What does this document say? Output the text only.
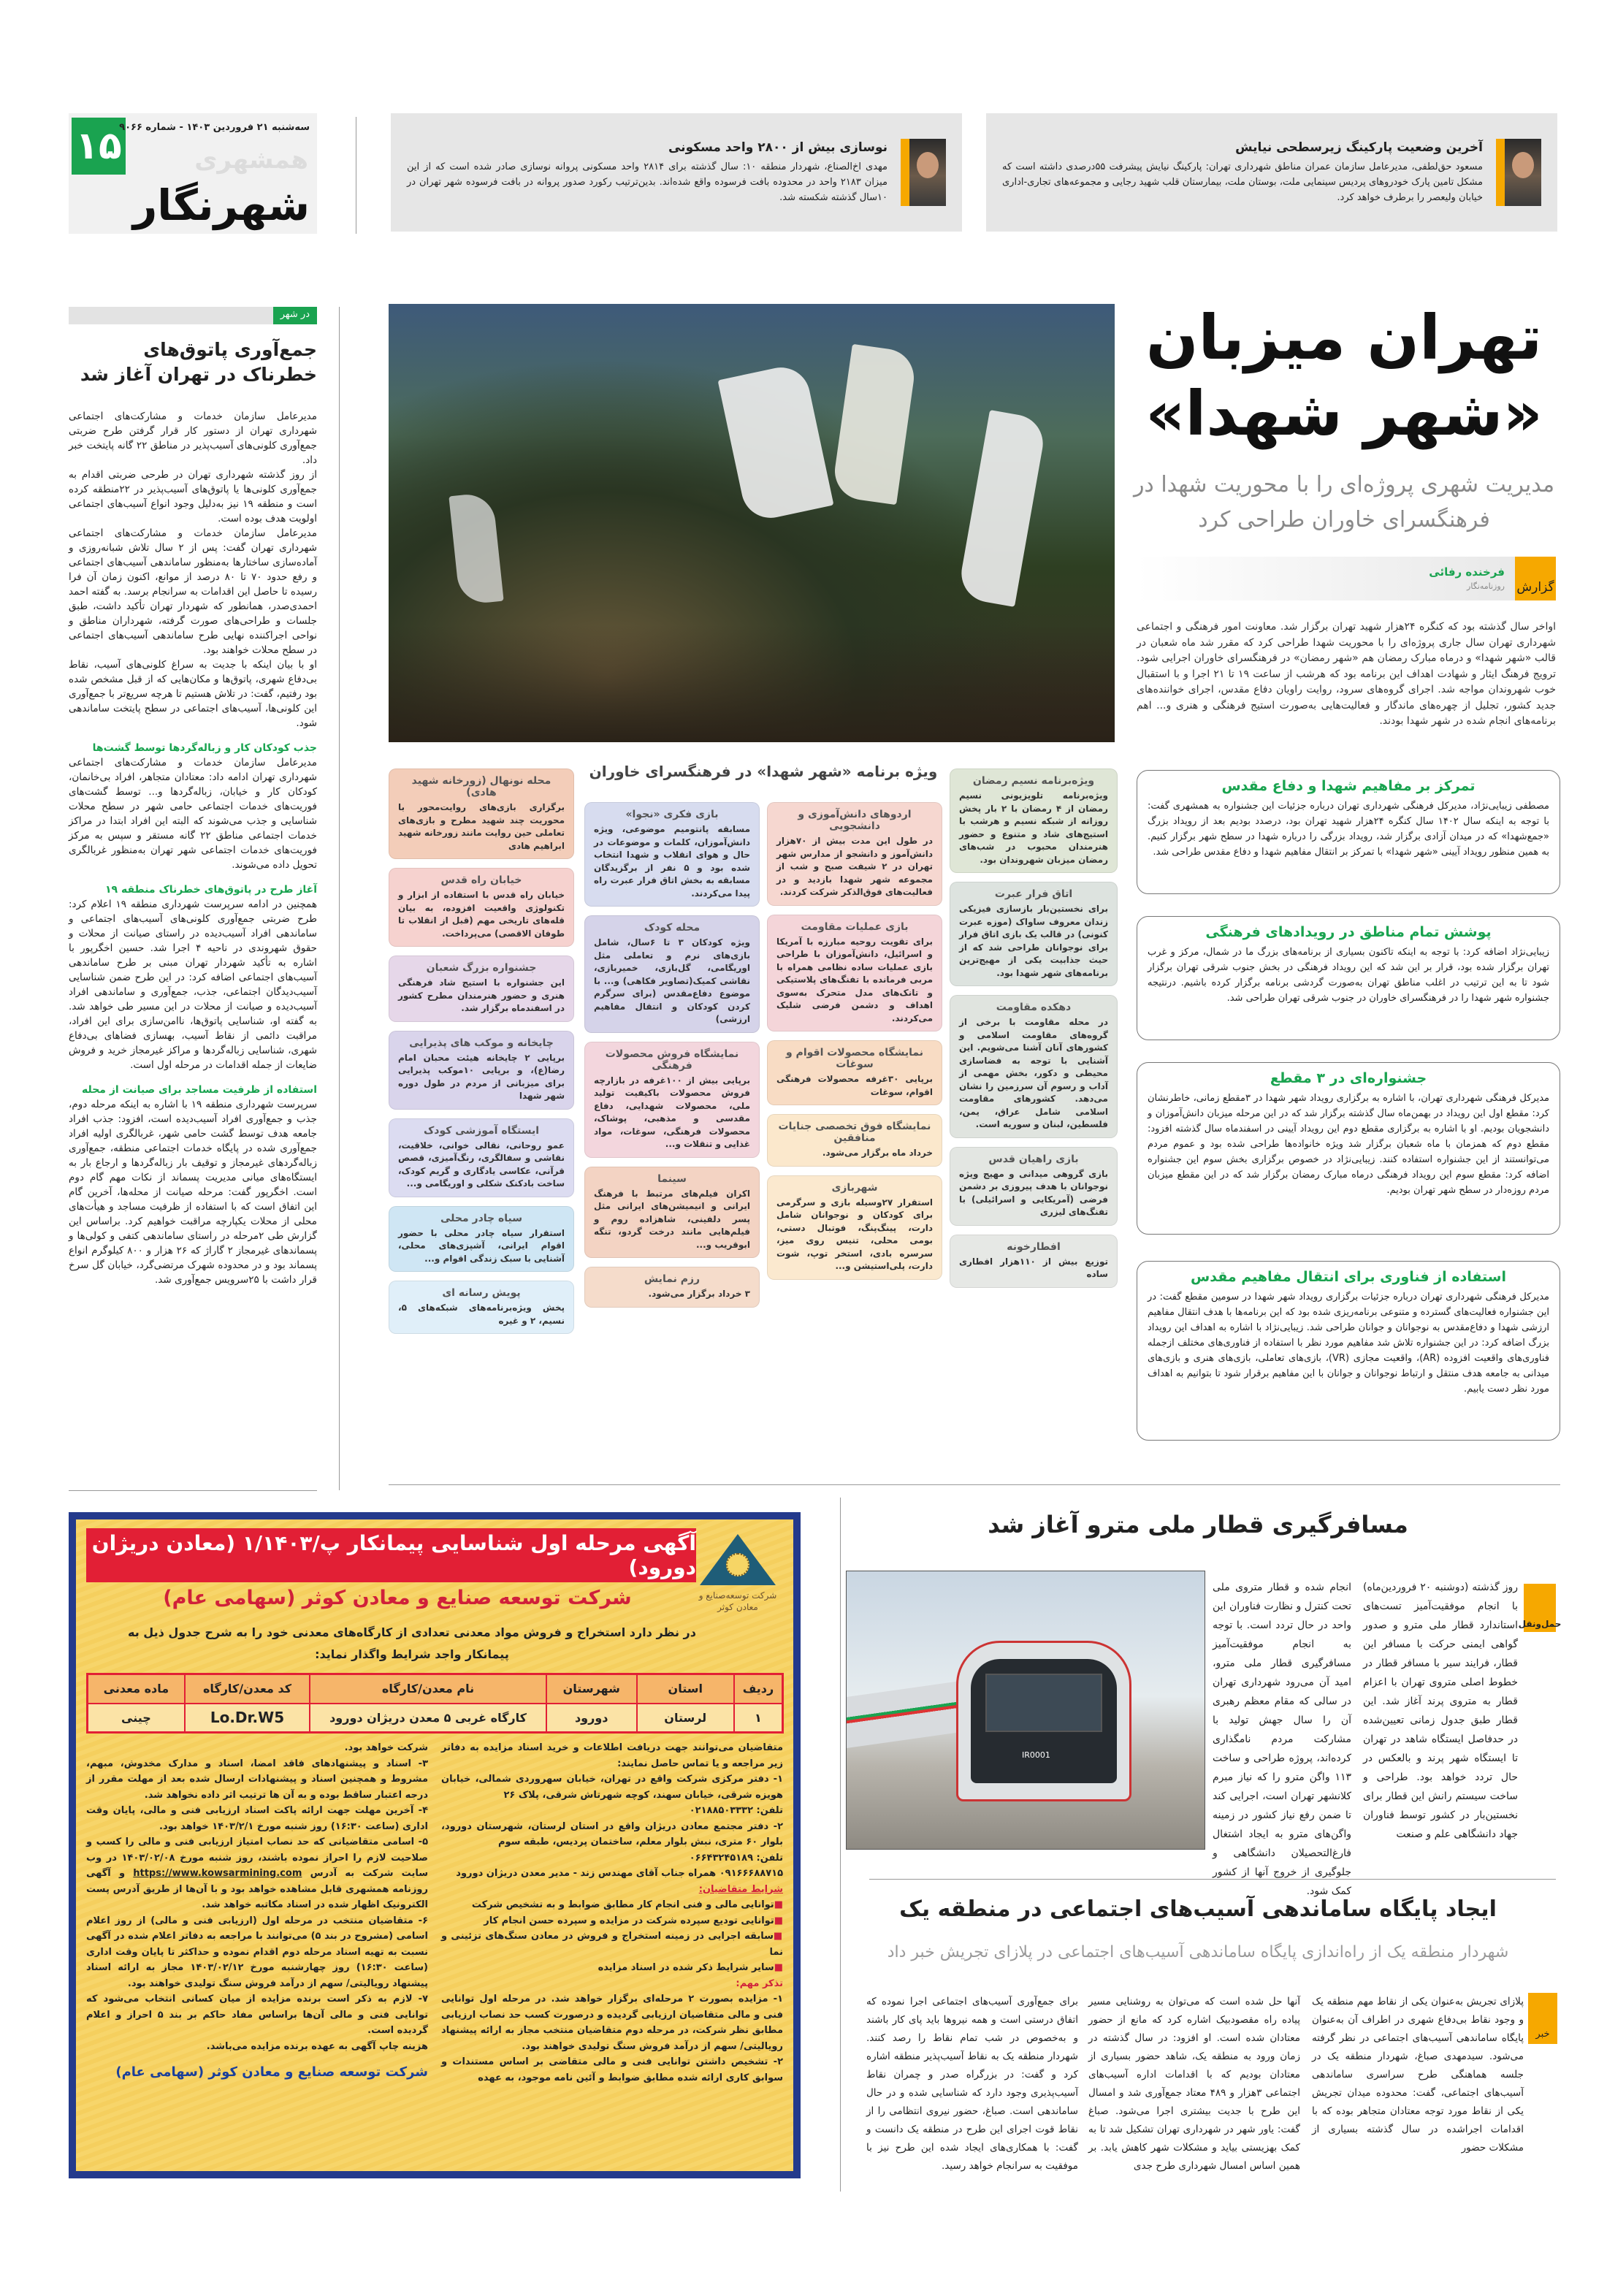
۱۵
سه‌شنبه ۲۱ فروردین ۱۴۰۳ - شماره ۹۰۶۶
همشهری
شهرنگار
آخرین وضعیت پارکینگ زیرسطحی نیایش

مسعود حق‌لطفی، مدیرعامل سازمان عمران مناطق شهرداری تهران: پارکینگ نیایش پیشرفت ۵۵درصدی داشته است که مشکل تامین پارک خودروهای پردیس سینمایی ملت، بوستان ملت، بیمارستان قلب شهید رجایی و مجموعه‌های تجاری-اداری خیابان ولیعصر را برطرف خواهد کرد.

نوسازی بیش از ۲۸۰۰ واحد مسکونی

مهدی اخ‌الصناع، شهردار منطقه ۱۰: سال گذشته برای ۲۸۱۴ واحد مسکونی پروانه نوسازی صادر شده است که از این میزان ۲۱۸۳ واحد در محدوده بافت فرسوده واقع شده‌اند. بدین‌ترتیب رکورد صدور پروانه در بافت فرسوده شهر تهران در ۱۰سال گذشته شکسته شد.

در شهر
جمع‌آوری پاتوق‌های خطرناک در تهران آغاز شد

مدیرعامل سازمان خدمات و مشارکت‌های اجتماعی شهرداری تهران از دستور کار قرار گرفتن طرح ضربتی جمع‌آوری کلونی‌های آسیب‌پذیر در مناطق ۲۲ گانه پایتخت خبر داد.

از روز گذشته شهرداری تهران در طرحی ضربتی اقدام به جمع‌آوری کلونی‌ها یا پاتوق‌های آسیب‌پذیر در ۲۲منطقه کرده است و منطقه ۱۹ نیز به‌دلیل وجود انواع آسیب‌های اجتماعی اولویت هدف بوده است.

مدیرعامل سازمان خدمات و مشارکت‌های اجتماعی شهرداری تهران گفت: پس از ۲ سال تلاش شبانه‌روزی و آماده‌سازی ساختارها به‌منظور ساماندهی آسیب‌های اجتماعی و رفع حدود ۷۰ تا ۸۰ درصد از موانع، اکنون زمان آن فرا رسیده تا حاصل این اقدامات به سرانجام برسد. به گفته احمد احمدی‌صدر، همانطور که شهردار تهران تأکید داشت، طبق جلسات و طراحی‌های صورت گرفته، شهرداران مناطق و نواحی اجراکننده نهایی طرح ساماندهی آسیب‌های اجتماعی در سطح محلات خواهند بود.

او با بیان اینکه با جدیت به سراغ کلونی‌های آسیب، نقاط بی‌دفاع شهری، پاتوق‌ها و مکان‌هایی که از قبل مشخص شده بود رفتیم، گفت: در تلاش هستیم تا هرچه سریع‌تر با جمع‌آوری این کلونی‌ها، آسیب‌های اجتماعی در سطح پایتخت ساماندهی شود.

جذب کودکان کار و زباله‌گردها توسط گشت‌ها

مدیرعامل سازمان خدمات و مشارکت‌های اجتماعی شهرداری تهران ادامه داد: معتادان متجاهر، افراد بی‌خانمان، کودکان کار و خیابان، زباله‌گردها و... توسط گشت‌های فوریت‌های خدمات اجتماعی حامی شهر در سطح محلات شناسایی و جذب می‌شوند که البته این افراد ابتدا در مراکز خدمات اجتماعی مناطق ۲۲ گانه مستقر و سپس به مرکز فوریت‌های خدمات اجتماعی شهر تهران به‌منظور غربالگری تحویل داده می‌شوند.

آغاز طرح در پاتوق‌های خطرناک منطقه ۱۹

همچنین در ادامه سرپرست شهرداری منطقه ۱۹ اعلام کرد: طرح ضربتی جمع‌آوری کلونی‌های آسیب‌های اجتماعی و ساماندهی افراد آسیب‌دیده در راستای صیانت از محلات و حقوق شهروندی در ناحیه ۴ اجرا شد. حسین اخگرپور با اشاره به تأکید شهردار تهران مبنی بر طرح ساماندهی آسیب‌های اجتماعی اضافه کرد: در این طرح ضمن شناسایی آسیب‌دیدگان اجتماعی، جذب، جمع‌آوری و ساماندهی افراد آسیب‌دیده و صیانت از محلات در این مسیر طی خواهد شد. به گفته او، شناسایی پاتوق‌ها، ناامن‌سازی برای این افراد، مراقبت دائمی از نقاط آسیب، بهسازی فضاهای بی‌دفاع شهری، شناسایی زباله‌گردها و مراکز غیرمجاز خرید و فروش ضایعات از جمله اقدامات در مرحله اول است.

استفاده از ظرفیت مساجد برای صیانت از محله

سرپرست شهرداری منطقه ۱۹ با اشاره به اینکه مرحله دوم، جذب و جمع‌آوری افراد آسیب‌دیده است، افزود: جذب افراد جامعه هدف توسط گشت حامی شهر، غربالگری اولیه افراد جمع‌آوری شده در پایگاه خدمات اجتماعی منطقه، جمع‌آوری زباله‌گردهای غیرمجاز و توقیف بار زباله‌گردها و ارجاع بار به ایستگاه‌های میانی مدیریت پسماند از نکات مهم گام دوم است. اخگرپور گفت: مرحله صیانت از محله‌ها، آخرین گام این اتفاق است که با استفاده از ظرفیت مساجد و هیأت‌های محلی از محلات یکپارچه مراقبت خواهیم کرد. براساس این گزارش طی ۲مرحله در راستای ساماندهی کتفی و کولی‌ها و پسماندهای غیرمجاز ۲ گاراژ که ۲۶ هزار و ۸۰۰ کیلوگرم انواع پسماند بود و در محدوده شهرک مرتضی‌گرد، خیابان گل سرخ قرار داشت با ۲۵سرویس جمع‌آوری شد.

تهران میزبان
«شهر شهدا»
مدیریت شهری پروژه‌ای را با محوریت شهدا در فرهنگسرای خاوران طراحی کرد
گزارش
فرخنده رفائی
روزنامه‌نگار
اواخر سال گذشته بود که کنگره ۲۴هزار شهید تهران برگزار شد. معاونت امور فرهنگی و اجتماعی شهرداری تهران سال جاری پروژه‌ای را با محوریت شهدا طراحی کرد که مقرر شد ماه شعبان در قالب «شهر شهدا» و درماه مبارک رمضان هم «شهر رمضان» در فرهنگسرای خاوران اجرایی شود. ترویج فرهنگ ایثار و شهادت اهداف این برنامه بود که هرشب از ساعت ۱۹ تا ۲۱ اجرا و با استقبال خوب شهروندان مواجه شد. اجرای گروه‌های سرود، روایت راویان دفاع مقدس، اجرای خواننده‌های جدید کشور، تجلیل از چهره‌های ماندگار و فعالیت‌هایی به‌صورت استیج فرهنگی و هنری و... اهم برنامه‌های انجام شده در شهر شهدا بودند.
تمرکز بر مفاهیم شهدا و دفاع مقدس

مصطفی زیبایی‌نژاد، مدیرکل فرهنگی شهرداری تهران درباره جزئیات این جشنواره به همشهری گفت: با توجه به اینکه سال ۱۴۰۲ سال کنگره ۲۴هزار شهید تهران بود، درصدد بودیم بعد از رویداد بزرگ «جمع‌شهدا» که در میدان آزادی برگزار شد، رویداد بزرگی را درباره شهدا در سطح شهر برگزار کنیم. به همین منظور رویداد آیینی «شهر شهدا» با تمرکز بر انتقال مفاهیم شهدا و دفاع مقدس طراحی شد.

پوشش تمام مناطق در رویدادهای فرهنگی

زیبایی‌نژاد اضافه کرد: با توجه به اینکه تاکنون بسیاری از برنامه‌های بزرگ ما در شمال، مرکز و غرب تهران برگزار شده بود، قرار بر این شد که این رویداد فرهنگی در بخش جنوب شرقی تهران برگزار شود تا به این ترتیب در اغلب مناطق تهران به‌صورت گردشی برنامه برگزار کرده باشیم. درنتیجه جشنواره شهر شهدا را در فرهنگسرای خاوران در جنوب شرقی تهران طراحی شد.

جشنواره‌ای در ۳ مقطع

مدیرکل فرهنگی شهرداری تهران، با اشاره به برگزاری رویداد شهر شهدا در ۳مقطع زمانی، خاطرنشان کرد: مقطع اول این رویداد در بهمن‌ماه سال گذشته برگزار شد که در این مرحله میزبان دانش‌آموزان و دانشجویان بودیم. او با اشاره به برگزاری مقطع دوم این رویداد آیینی در اسفندماه سال گذشته افزود: مقطع دوم که همزمان با ماه شعبان برگزار شد ویژه خانواده‌ها طراحی شده بود و عموم مردم می‌توانستند از این جشنواره استفاده کنند. زیبایی‌نژاد در خصوص برگزاری بخش سوم این جشنواره اضافه کرد: مقطع سوم این رویداد فرهنگی درماه مبارک رمضان برگزار شد که در این مقطع میزبان مردم روزه‌دار در سطح شهر تهران بودیم.

استفاده از فناوری برای انتقال مفاهیم مقدس

مدیرکل فرهنگی شهرداری تهران درباره جزئیات برگزاری رویداد شهر شهدا در سومین مقطع گفت: در این جشنواره فعالیت‌های گسترده و متنوعی برنامه‌ریزی شده بود که این برنامه‌ها با هدف انتقال مفاهیم ارزشی شهدا و دفاع‌مقدس به نوجوانان و جوانان طراحی شد. زیبایی‌نژاد با اشاره به اهداف این رویداد بزرگ اضافه کرد: در این جشنواره تلاش شد مفاهیم مورد نظر با استفاده از فناوری‌های مختلف ازجمله فناوری‌های واقعیت افزوده (AR)، واقعیت مجازی (VR)، بازی‌های تعاملی، بازی‌های هنری و بازی‌های میدانی به جامعه هدف منتقل و ارتباط نوجوانان و جوانان با این مفاهیم برقرار شود تا بتوانیم به اهداف مورد نظر دست یابیم.

ویژه برنامه «شهر شهدا» در فرهنگسرای خاوران
ویژه‌برنامه نسیم رمضان
ویژه‌برنامه تلویزیونی نسیم رمضان از ۴ رمضان با ۲ بار پخش روزانه از شبکه نسیم و هرشب با استیج‌های شاد و متنوع و حضور هنرمندان محبوب در شب‌های رمضان میزبان شهروندان بود.
اتاق فرار عبرت
برای نخستین‌بار بازسازی فیزیکی زندان معروف ساواک (موزه عبرت کنونی) در قالب یک بازی اتاق فرار برای نوجوانان طراحی شد که از حیث جذابیت یکی از مهیج‌ترین برنامه‌های شهر شهدا بود.
دهکده مقاومت
در محله مقاومت با برخی از گروه‌های مقاومت اسلامی و کشورهای آنان آشنا می‌شویم. این آشنایی با توجه به فضاسازی محیطی و دکور، بخش مهمی از آداب و رسوم آن سرزمین را نشان می‌دهد. کشورهای مقاومت اسلامی شامل عراق، یمن، فلسطین، لبنان و سوریه است.
بازی راهیان قدس
بازی گروهی میدانی و مهیج ویژه نوجوانان با هدف پیروزی بر دشمن فرضی (آمریکایی و اسرائیلی) با تفنگ‌های لیزری
افطارخونه
توزیع بیش از ۱۱۰هزار افطاری ساده
اردوهای دانش‌آموزی و دانشجویی
در طول این مدت بیش از ۷۰هزار دانش‌آموز و دانشجو از مدارس شهر تهران در ۲ شیفت صبح و شب از مجموعه شهر شهدا بازدید و در فعالیت‌های فوق‌الذکر شرکت کردند.
بازی عملیات مقاومت
برای تقویت روحیه مبارزه با آمریکا و اسرائیل، دانش‌آموزان با طراحی بازی عملیات ساده نظامی همراه با مربی فرمانده با تفنگ‌های پلاستیکی و تانک‌های مدل متحرک به‌سوی اهداف و دشمن فرضی شلیک می‌کردند.
نمایشگاه محصولات اقوام و سوغات
برپایی ۳۰غرفه محصولات فرهنگی اقوام، سوغات
نمایشگاه فوق تخصصی جنایات منافقین
خرداد ماه برگزار می‌شود.
شهربازی
استقرار ۲۷وسیله بازی و سرگرمی برای کودکان و نوجوانان شامل دارت، پینگ‌پنگ، فوتبال دستی، بومی محلی، تنیس روی میز، سرسره بادی، استخر توپ، شوت دارت، پلی‌استیشن و...
بازی فکری «نجوا»
مسابقه پانتومیم موضوعی، ویژه دانش‌آموزان، کلمات و موضوعات در حال و هوای انقلاب و شهدا انتخاب شده بود و ۵ نفر از برگزیدگان مسابقه به بخش اتاق فرار عبرت راه پیدا می‌کردند.
محله کودک
ویژه کودکان ۳ تا ۶سال، شامل بازی‌های نرم و تعاملی مثل اوریگامی، گل‌بازی، خمیربازی، نقاشی کمیک(تصاویر فکاهی) و... با موضوع دفاع‌مقدس (برای سرگرم کردن کودکان و انتقال مفاهیم ارزشی)
نمایشگاه فروش محصولات فرهنگی
برپایی بیش از ۱۰۰غرفه در بازارچه فروش محصولات باکیفیت تولید ملی، محصولات شهدایی، دفاع مقدسی و مذهبی، پوشاک، محصولات فرهنگی، سوغات، مواد غذایی و تنقلات و...
سینما
اکران فیلم‌های مرتبط با فرهنگ ایرانی و انیمیشن‌های ایرانی مثل پسر دلفینی، شاهزاده روم و فیلم‌هایی مانند درخت گردو، تنگه ابوقریب و...
رزم نمایش
۳ خرداد برگزار می‌شود.
محله نونهال (زورخانه شهید هادی)
برگزاری بازی‌های روایت‌محور با محوریت چند شهید مطرح و بازی‌های تعاملی حین روایت مانند زورخانه شهید ابراهیم هادی
خیابان راه قدس
خیابان راه قدس با استفاده از ابزار و تکنولوژی واقعیت افزوده، به بیان قله‌های تاریخی مهم (قبل از انقلاب تا طوفان الاقصی) می‌پرداخت.
جشنواره بزرگ شعبان
این جشنواره با استیج شاد فرهنگی هنری و حضور هنرمندان مطرح کشور در اسفندماه برگزار شد.
چایخانه و موکب های پذیرایی
برپایی ۲ چایخانه هیئت محبان امام رضا(ع)، و برپایی ۱۰موکب پذیرایی برای میزبانی از مردم در طول دوره شهر شهدا
ایستگاه آموزشی کودک
عمو روحانی، نقالی خوانی، خلاقیت، نقاشی و سفالگری، رنگ‌آمیزی، قصص قرآنی، عکاسی یادگاری و گریم کودک، ساخت بادکنک شکلی و اوریگامی و...
سیاه چادر محلی
استقرار سیاه چادر محلی با حضور اقوام ایرانی، آشپزی‌های محلی، آشنایی با سبک زندگی اقوام و...
پویش رسانه ای
پخش ویژه‌برنامه‌های شبکه‌های ۵، نسیم، ۲ و غیره
آگهی مرحله اول شناسایی پیمانکار پ/۱/۱۴۰۳ (معادن دریژان دورود)
شرکت توسعه‌صنایع و معادن کوثر
شرکت توسعه صنایع و معادن کوثر (سهامی عام)
در نظر دارد استخراج و فروش مواد معدنی تعدادی از کارگاه‌های معدنی خود را به شرح جدول ذیل به پیمانکار واجد شرایط واگذار نماید:
ردیف	استان	شهرستان	نام معدن/کارگاه	کد معدن/کارگاه	ماده معدنی
۱	لرستان	دورود	کارگاه غربی ۵ معدن دریژان دورود	Lo.Dr.W5	چینی

متقاضیان می‌توانند جهت دریافت اطلاعات و خرید اسناد مزایده به دفاتر زیر مراجعه و یا تماس حاصل نمایند:

۱- دفتر مرکزی شرکت واقع در تهران، خیابان سهروردی شمالی، خیابان هویزه شرقی، خیابان سهند، کوچه شهرتاش شرقی، پلاک ۲۶

تلفن: ۰۲۱۸۸۵۰۳۳۳۲

۲- دفتر مجتمع معادن دریژان واقع در استان لرستان، شهرستان دورود، بلوار ۶۰ متری، نبش بلوار معلم، ساختمان پردیس، طبقه سوم

تلفن: ۰۶۶۴۳۲۴۵۱۸۹

۰۹۱۶۶۶۸۸۷۱۵ همراه جناب آقای مهندس زند - مدیر معدن دریژان دورود

شرایط متقاضیان:

■توانایی مالی و فنی انجام کار مطابق ضوابط و به تشخیص شرکت

■توانایی تودیع سپرده شرکت در مزایده و سپرده حسن انجام کار

■سابقه اجرایی در زمینه استخراج و فروش در معادن سنگ‌های تزئینی و نما

■سایر شرایط ذکر شده در اسناد مزایده

تذکر مهم:

۱- مزایده بصورت ۲ مرحله‌ای برگزار خواهد شد. در مرحله اول توانایی فنی و مالی متقاضیان ارزیابی گردیده و درصورت کسب حد نصاب ارزیابی مطابق نظر شرکت، در مرحله دوم متقاضیان منتخب مجاز به ارائه پیشنهاد رویالیتی/ سهم از درآمد فروش سنگ تولیدی خواهند بود.

۲- تشخیص داشتن توانایی فنی و مالی متقاضی بر اساس مستندات و سوابق کاری ارائه شده مطابق ضوابط و آئین نامه موجود، به عهده

شرکت خواهد بود.

۳- اسناد و پیشنهادهای فاقد امضا، اسناد و مدارک مخدوش، مبهم، مشروط و همچنین اسناد و پیشنهادات ارسال شده بعد از مهلت مقرر از درجه اعتبار ساقط بوده و به آن ها ترتیب اثر داده نخواهد شد.

۴- آخرین مهلت جهت ارائه پاکت اسناد ارزیابی فنی و مالی، پایان وقت اداری (ساعت ۱۶:۳۰) روز شنبه مورخ ۱۴۰۳/۲/۱ خواهد بود.

۵- اسامی متقاضیانی که حد نصاب امتیاز ارزیابی فنی و مالی را کسب و صلاحیت لازم را احراز نموده باشند، روز شنبه مورخ ۱۴۰۳/۰۲/۰۸ در وب سایت شرکت به آدرس https://www.kowsarmining.com و آگهی روزنامه همشهری قابل مشاهده خواهد بود و با آن‌ها از طریق آدرس پست الکترونیک اظهار شده در اسناد مکاتبه خواهد شد.

۶- متقاضیان منتخب در مرحله اول (ارزیابی فنی و مالی) از روز اعلام اسامی (مشروح در بند ۵) می‌توانند با مراجعه به دفاتر اعلام شده در آگهی نسبت به تهیه اسناد مرحله دوم اقدام نموده و حداکثر تا پایان وقت اداری (ساعت ۱۶:۳۰) روز چهارشنبه مورخ ۱۴۰۳/۰۲/۱۲ مجاز به ارائه اسناد پیشنهاد رویالیتی/ سهم از درآمد فروش سنگ تولیدی خواهند بود.

۷- لازم به ذکر است برنده مزایده از میان کسانی انتخاب می‌شود که توانایی فنی و مالی آن‌ها براساس مفاد حاکم بر بند ۵ احراز و اعلام گردیده است.

هزینه چاپ آگهی به عهده برنده مزایده می‌باشد.

شرکت توسعه صنایع و معادن کوثر (سهامی عام)

مسافرگیری قطار ملی مترو آغاز شد
IR0001
حمل‌ونقل
روز گذشته (دوشنبه ۲۰ فروردین‌ماه) با انجام موفقیت‌آمیز تست‌های استاندارد قطار ملی مترو و صدور گواهی ایمنی حرکت با مسافر این قطار، فرایند سیر با مسافر قطار در خطوط اصلی متروی تهران با اعزام قطار به متروی پرند آغاز شد. این قطار طبق جدول زمانی تعیین‌شده در حدفاصل ایستگاه شاهد در تهران تا ایستگاه شهر پرند و بالعکس در حال تردد خواهد بود. طراحی و ساخت سیستم رانش این قطار برای نخستین‌بار در کشور توسط فناوران جهاد دانشگاهی علم و صنعت
انجام شده و قطار متروی ملی تحت کنترل و نظارت فناوران این واحد در حال تردد است. با توجه به انجام موفقیت‌آمیز مسافرگیری قطار ملی مترو، امید آن می‌رود شهرداری تهران در سالی که مقام معظم رهبری آن را سال جهش تولید با مشارکت مردم نامگذاری کرده‌اند، پروژه طراحی و ساخت ۱۱۳ واگن مترو را که نیاز مبرم کلانشهر تهران است، اجرایی کند تا ضمن رفع نیاز کشور در زمینه واگن‌های مترو به ایجاد اشتغال فارغ‌التحصیلان دانشگاهی و جلوگیری از خروج آنها از کشور کمک شود.
ایجاد پایگاه ساماندهی آسیب‌های اجتماعی در منطقه یک
شهردار منطقه یک از راه‌اندازی پایگاه ساماندهی آسیب‌های اجتماعی در پلازای تجریش خبر داد
خبر
پلازای تجریش به‌عنوان یکی از نقاط مهم منطقه یک و وجود نقاط بی‌دفاع شهری در اطراف آن به‌عنوان پایگاه ساماندهی آسیب‌های اجتماعی در نظر گرفته می‌شود. سیدمهدی صباغ، شهردار منطقه یک در جلسه هماهنگی طرح سراسری ساماندهی آسیب‌های اجتماعی، گفت: محدوده میدان تجریش یکی از نقاط مورد توجه معتادان متجاهر بوده که با اقدامات اجراشده در سال گذشته بسیاری از مشکلات حضور
آنها حل شده است که می‌توان به روشنایی مسیر پیاده راه مقصودبیک اشاره کرد که مانع از حضور معتادان شده است. او افزود: در سال گذشته در زمان ورود به منطقه یک، شاهد حضور بسیاری از معتادان بودیم که با اقدامات اداره آسیب‌های اجتماعی ۳هزار و ۴۸۹ معتاد جمع‌آوری شد و امسال این طرح با جدیت بیشتری اجرا می‌شود. صباغ گفت: یاور شهر در شهرداری تهران تشکیل شد تا به کمک بهزیستی بیاید و مشکلات شهر کاهش یابد. بر همین اساس امسال شهرداری طرح جدی
برای جمع‌آوری آسیب‌های اجتماعی اجرا نموده که اتفاق درستی است و همه نیروها باید پای کار باشند و به‌خصوص در شب تمام نقاط را رصد کنند. شهردار منطقه یک به نقاط آسیب‌پذیر منطقه اشاره کرد و گفت: در بزرگراه صدر و چمران نقاط آسیب‌پذیری وجود دارد که شناسایی شده و در حال ساماندهی است. صباغ، حضور نیروی انتظامی را از نقاط قوت اجرای این طرح در منطقه یک دانست و گفت: با همکاری‌های ایجاد شده این طرح نیز با موفقیت به سرانجام خواهد رسید.
